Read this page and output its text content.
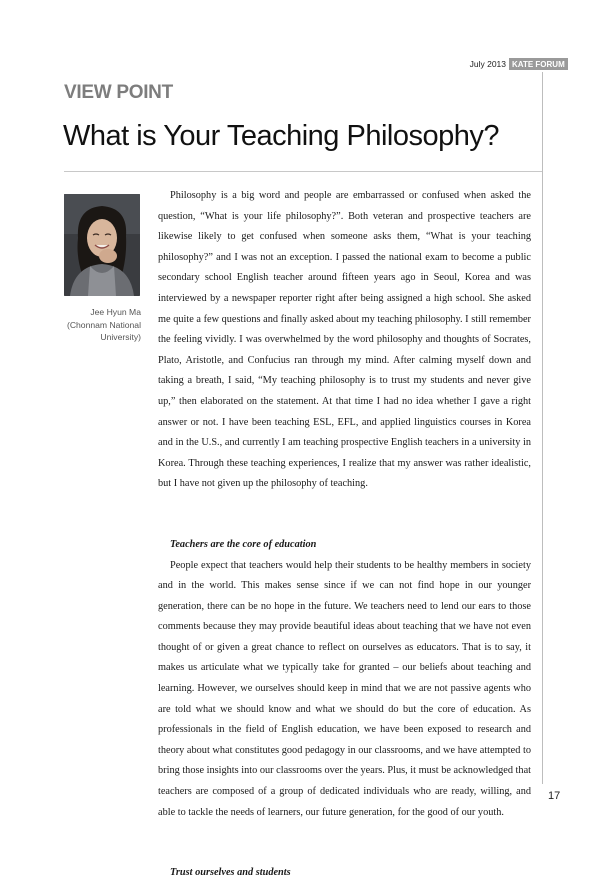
July 2013 KATE FORUM
VIEW POINT
What is Your Teaching Philosophy?
Jee Hyun Ma
(Chonnam National University)

Philosophy is a big word and people are embarrassed or confused when asked the question, “What is your life philosophy?”. Both veteran and prospective teachers are likewise likely to get confused when someone asks them, “What is your teaching philosophy?” and I was not an exception. I passed the national exam to become a public secondary school English teacher around fifteen years ago in Seoul, Korea and was interviewed by a newspaper reporter right after being assigned a high school. She asked me quite a few questions and finally asked about my teaching philosophy. I still remember the feeling vividly. I was overwhelmed by the word philosophy and thoughts of Socrates, Plato, Aristotle, and Confucius ran through my mind. After calming myself down and taking a breath, I said, “My teaching philosophy is to trust my students and never give up,” then elaborated on the statement. At that time I had no idea whether I gave a right answer or not. I have been teaching ESL, EFL, and applied linguistics courses in Korea and in the U.S., and currently I am teaching prospective English teachers in a university in Korea. Through these teaching experiences, I realize that my answer was rather idealistic, but I have not given up the philosophy of teaching.

Teachers are the core of education

People expect that teachers would help their students to be healthy members in society and in the world. This makes sense since if we can not find hope in our younger generation, there can be no hope in the future. We teachers need to lend our ears to those comments because they may provide beautiful ideas about teaching that we have not even thought of or given a great chance to reflect on ourselves as educators. That is to say, it makes us articulate what we typically take for granted – our beliefs about teaching and learning. However, we ourselves should keep in mind that we are not passive agents who are told what we should know and what we should do but the core of education. As professionals in the field of English education, we have been exposed to research and theory about what constitutes good pedagogy in our classrooms, and we have attempted to bring those insights into our classrooms over the years. Plus, it must be acknowledged that teachers are composed of a group of dedicated individuals who are ready, willing, and able to tackle the needs of learners, our future generation, for the good of our youth.

Trust ourselves and students
17
